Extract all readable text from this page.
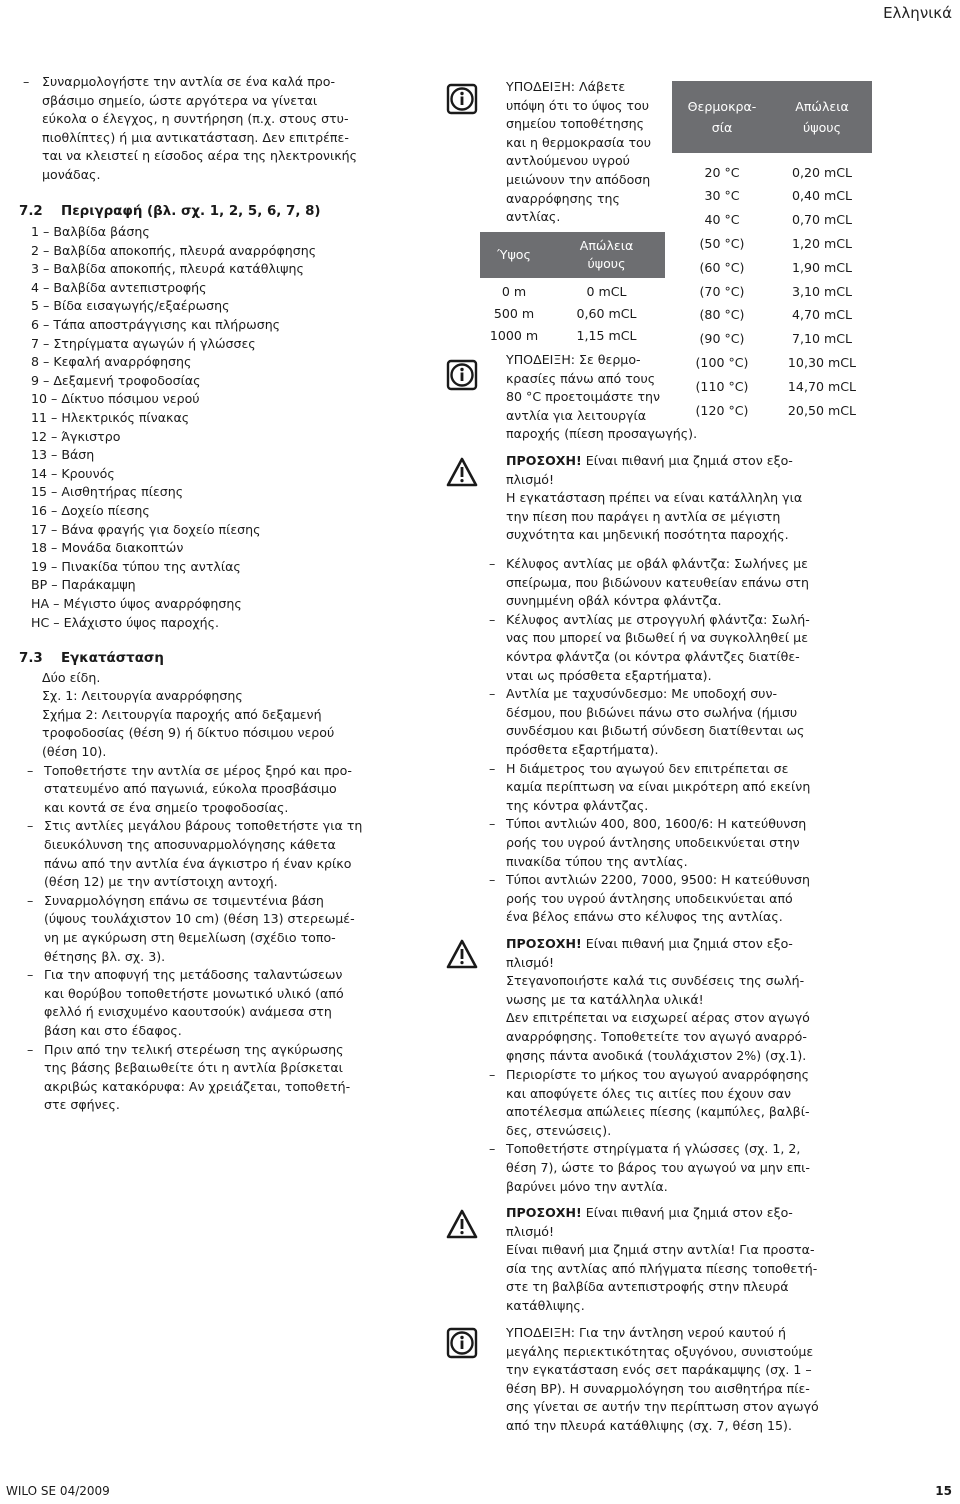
Ελληνικά
– Συναρμολογήστε την αντλία σε ένα καλά προ-
σβάσιμο σημείο, ώστε αργότερα να γίνεται
εύκολα ο έλεγχος, η συντήρηση (π.χ. στους στυ-
πιοθλίπτες) ή μια αντικατάσταση. Δεν επιτρέπε-
ται να κλειστεί η είσοδος αέρα της ηλεκτρονικής
μονάδας.
7.2 Περιγραφή (βλ. σχ. 1, 2, 5, 6, 7, 8)
1 – Βαλβίδα βάσης
2 – Βαλβίδα αποκοπής, πλευρά αναρρόφησης
3 – Βαλβίδα αποκοπής, πλευρά κατάθλιψης
4 – Βαλβίδα αντεπιστροφής
5 – Βίδα εισαγωγής/εξαέρωσης
6 – Τάπα αποστράγγισης και πλήρωσης
7 – Στηρίγματα αγωγών ή γλώσσες
8 – Κεφαλή αναρρόφησης
9 – Δεξαμενή τροφοδοσίας
10 – Δίκτυο πόσιμου νερού
11 – Ηλεκτρικός πίνακας
12 – Άγκιστρο
13 – Βάση
14 – Κρουνός
15 – Αισθητήρας πίεσης
16 – Δοχείο πίεσης
17 – Βάνα φραγής για δοχείο πίεσης
18 – Μονάδα διακοπτών
19 – Πινακίδα τύπου της αντλίας
BP – Παράκαμψη
HA – Μέγιστο ύψος αναρρόφησης
HC – Ελάχιστο ύψος παροχής.
7.3 Εγκατάσταση
Δύο είδη.
Σχ. 1: Λειτουργία αναρρόφησης
Σχήμα 2: Λειτουργία παροχής από δεξαμενή
τροφοδοσίας (θέση 9) ή δίκτυο πόσιμου νερού
(θέση 10).
– Τοποθετήστε την αντλία σε μέρος ξηρό και προ-
στατευμένο από παγωνιά, εύκολα προσβάσιμο
και κοντά σε ένα σημείο τροφοδοσίας.
– Στις αντλίες μεγάλου βάρους τοποθετήστε για τη
διευκόλυνση της αποσυναρμολόγησης κάθετα
πάνω από την αντλία ένα άγκιστρο ή έναν κρίκο
(θέση 12) με την αντίστοιχη αντοχή.
– Συναρμολόγηση επάνω σε τσιμεντένια βάση
(ύψους τουλάχιστον 10 cm) (θέση 13) στερεωμέ-
νη με αγκύρωση στη θεμελίωση (σχέδιο τοπο-
θέτησης βλ. σχ. 3).
– Για την αποφυγή της μετάδοσης ταλαντώσεων
και θορύβου τοποθετήστε μονωτικό υλικό (από
φελλό ή ενισχυμένο καουτσούκ) ανάμεσα στη
βάση και στο έδαφος.
– Πριν από την τελική στερέωση της αγκύρωσης
της βάσης βεβαιωθείτε ότι η αντλία βρίσκεται
ακριβώς κατακόρυφα: Αν χρειάζεται, τοποθετή-
στε σφήνες.
ΥΠΟΔΕΙΞΗ: Λάβετε
υπόψη ότι το ύψος του
σημείου τοποθέτησης
και η θερμοκρασία του
αντλούμενου υγρού
μειώνουν την απόδοση
αναρρόφησης της
αντλίας.
Θερμοκρα-
σία
Απώλεια
ύψους
20 °C	0,20 mCL
30 °C	0,40 mCL
40 °C	0,70 mCL
(50 °C)	1,20 mCL
(60 °C)	1,90 mCL
(70 °C)	3,10 mCL
(80 °C)	4,70 mCL
(90 °C)	7,10 mCL
(100 °C)	10,30 mCL
(110 °C)	14,70 mCL
(120 °C)	20,50 mCL
Ύψος
Απώλεια
ύψους
0 m	0 mCL
500 m	0,60 mCL
1000 m	1,15 mCL
ΥΠΟΔΕΙΞΗ: Σε θερμο-
κρασίες πάνω από τους
80 °C προετοιμάστε την
αντλία για λειτουργία
παροχής (πίεση προσαγωγής).
ΠΡΟΣΟΧΗ! Είναι πιθανή μια ζημιά στον εξο-
πλισμό!
Η εγκατάσταση πρέπει να είναι κατάλληλη για
την πίεση που παράγει η αντλία σε μέγιστη
συχνότητα και μηδενική ποσότητα παροχής.
– Κέλυφος αντλίας με οβάλ φλάντζα: Σωλήνες με
σπείρωμα, που βιδώνουν κατευθείαν επάνω στη
συνημμένη οβάλ κόντρα φλάντζα.
– Κέλυφος αντλίας με στρογγυλή φλάντζα: Σωλή-
νας που μπορεί να βιδωθεί ή να συγκολληθεί με
κόντρα φλάντζα (οι κόντρα φλάντζες διατίθε-
νται ως πρόσθετα εξαρτήματα).
– Αντλία με ταχυσύνδεσμο: Με υποδοχή συν-
δέσμου, που βιδώνει πάνω στο σωλήνα (ήμισυ
συνδέσμου και βιδωτή σύνδεση διατίθενται ως
πρόσθετα εξαρτήματα).
– Η διάμετρος του αγωγού δεν επιτρέπεται σε
καμία περίπτωση να είναι μικρότερη από εκείνη
της κόντρα φλάντζας.
– Τύποι αντλιών 400, 800, 1600/6: Η κατεύθυνση
ροής του υγρού άντλησης υποδεικνύεται στην
πινακίδα τύπου της αντλίας.
– Τύποι αντλιών 2200, 7000, 9500: Η κατεύθυνση
ροής του υγρού άντλησης υποδεικνύεται από
ένα βέλος επάνω στο κέλυφος της αντλίας.
ΠΡΟΣΟΧΗ! Είναι πιθανή μια ζημιά στον εξο-
πλισμό!
Στεγανοποιήστε καλά τις συνδέσεις της σωλή-
νωσης με τα κατάλληλα υλικά!
Δεν επιτρέπεται να εισχωρεί αέρας στον αγωγό
αναρρόφησης. Τοποθετείτε τον αγωγό αναρρό-
φησης πάντα ανοδικά (τουλάχιστον 2%) (σχ.1).
– Περιορίστε το μήκος του αγωγού αναρρόφησης
και αποφύγετε όλες τις αιτίες που έχουν σαν
αποτέλεσμα απώλειες πίεσης (καμπύλες, βαλβί-
δες, στενώσεις).
– Τοποθετήστε στηρίγματα ή γλώσσες (σχ. 1, 2,
θέση 7), ώστε το βάρος του αγωγού να μην επι-
βαρύνει μόνο την αντλία.
ΠΡΟΣΟΧΗ! Είναι πιθανή μια ζημιά στον εξο-
πλισμό!
Είναι πιθανή μια ζημιά στην αντλία! Για προστα-
σία της αντλίας από πλήγματα πίεσης τοποθετή-
στε τη βαλβίδα αντεπιστροφής στην πλευρά
κατάθλιψης.
ΥΠΟΔΕΙΞΗ: Για την άντληση νερού καυτού ή
μεγάλης περιεκτικότητας οξυγόνου, συνιστούμε
την εγκατάσταση ενός σετ παράκαμψης (σχ. 1 –
θέση BP). Η συναρμολόγηση του αισθητήρα πίε-
σης γίνεται σε αυτήν την περίπτωση στον αγωγό
από την πλευρά κατάθλιψης (σχ. 7, θέση 15).
WILO SE 04/2009	15
